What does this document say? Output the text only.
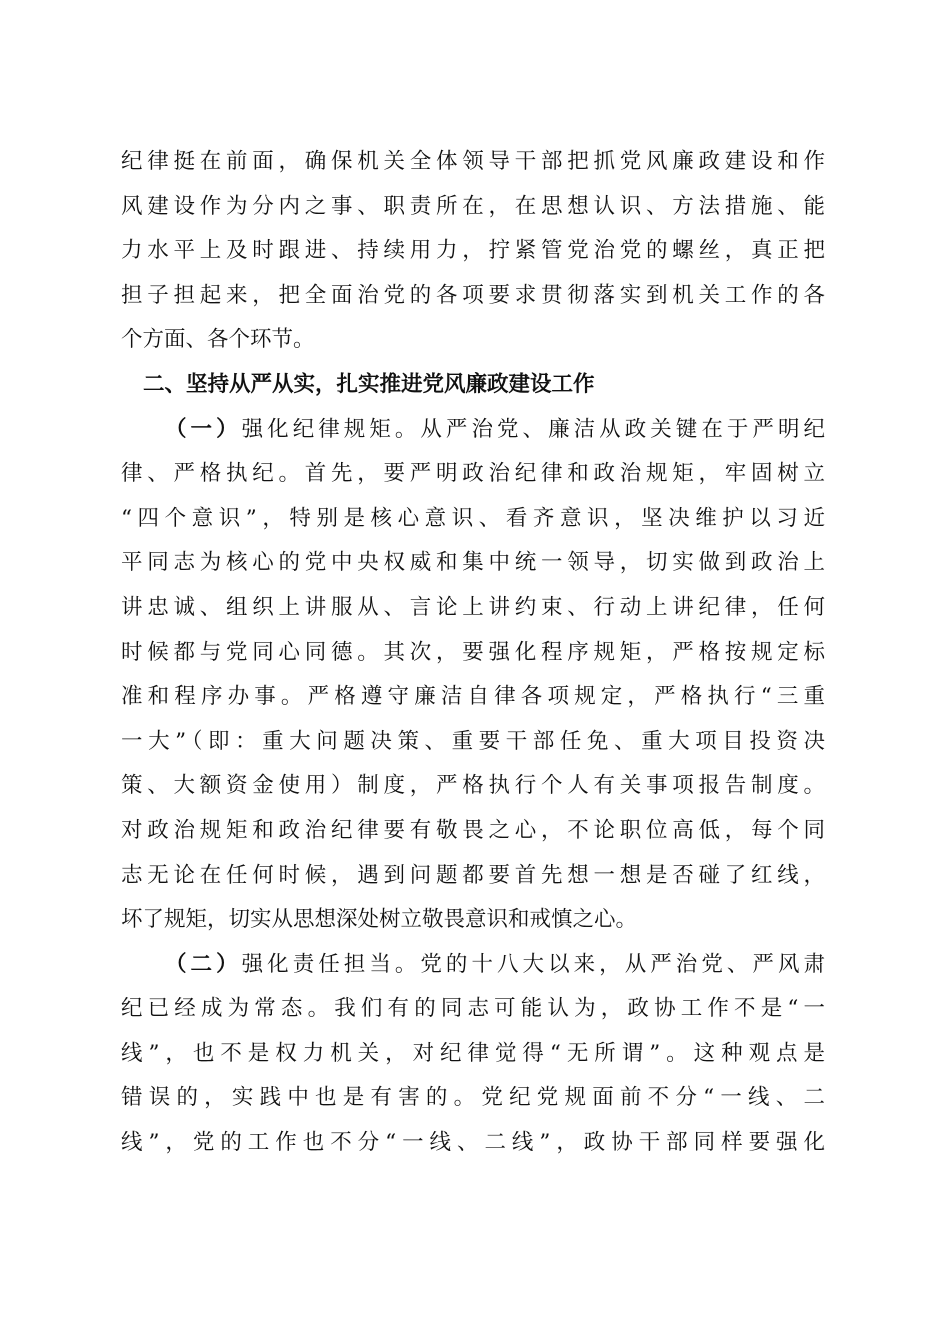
纪律挺在前面，确保机关全体领导干部把抓党风廉政建设和作
风建设作为分内之事、职责所在，在思想认识、方法措施、能
力水平上及时跟进、持续用力，拧紧管党治党的螺丝，真正把
担子担起来，把全面治党的各项要求贯彻落实到机关工作的各
个方面、各个环节。
二、坚持从严从实，扎实推进党风廉政建设工作
（一）强化纪律规矩。从严治党、廉洁从政关键在于严明纪
律、严格执纪。首先，要严明政治纪律和政治规矩，牢固树立
“四个意识”，特别是核心意识、看齐意识，坚决维护以习近
平同志为核心的党中央权威和集中统一领导，切实做到政治上
讲忠诚、组织上讲服从、言论上讲约束、行动上讲纪律，任何
时候都与党同心同德。其次，要强化程序规矩，严格按规定标
准和程序办事。严格遵守廉洁自律各项规定，严格执行“三重
一大”（即：重大问题决策、重要干部任免、重大项目投资决
策、大额资金使用）制度，严格执行个人有关事项报告制度。
对政治规矩和政治纪律要有敬畏之心，不论职位高低，每个同
志无论在任何时候，遇到问题都要首先想一想是否碰了红线，
坏了规矩，切实从思想深处树立敬畏意识和戒慎之心。
（二）强化责任担当。党的十八大以来，从严治党、严风肃
纪已经成为常态。我们有的同志可能认为，政协工作不是“一
线”，也不是权力机关，对纪律觉得“无所谓”。这种观点是
错误的，实践中也是有害的。党纪党规面前不分“一线、二
线”，党的工作也不分“一线、二线”，政协干部同样要强化
